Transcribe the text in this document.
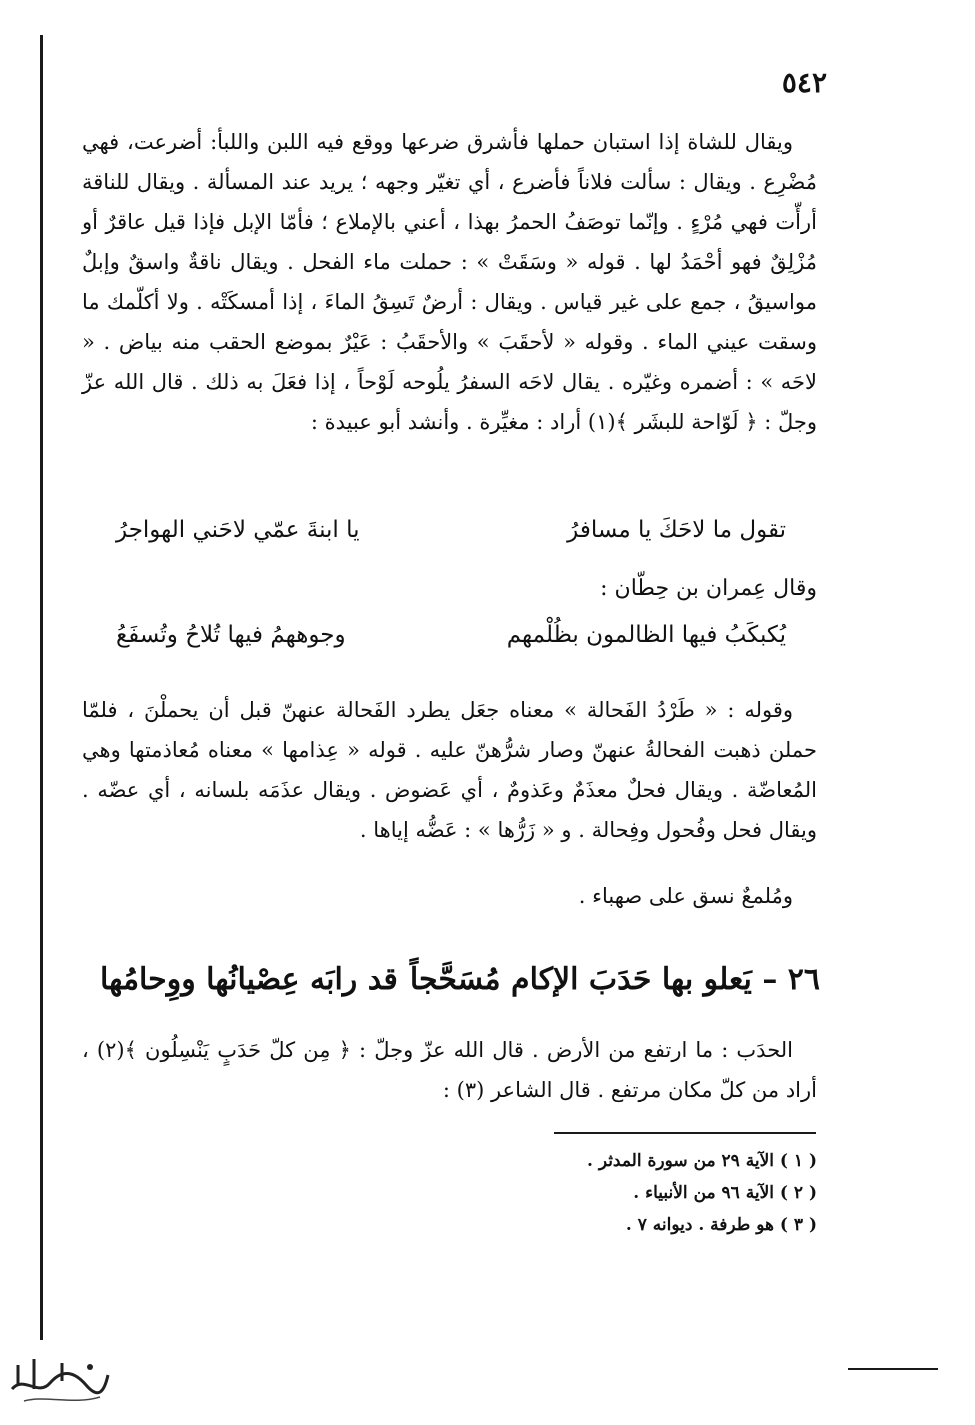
٥٤٢
ويقال للشاة إذا استبان حملها فأشرق ضرعها ووقع فيه اللبن واللبأ: أضرعت، فهي مُضْرِع . ويقال : سألت فلاناً فأضرع ، أي تغيّر وجهه ؛ يريد عند المسألة . ويقال للناقة أرأّت فهي مُرْءٍ . وإنّما توصَفُ الحمرُ بهذا ، أعني بالإملاع ؛ فأمّا الإبل فإذا قيل عاقرٌ أو مُزْلِقٌ فهو أحْمَدُ لها . قوله « وسَقَتْ » : حملت ماء الفحل . ويقال ناقةٌ واسقٌ وإبلٌ مواسيقُ ، جمع على غير قياس . ويقال : أرضٌ تَسِقُ الماءَ ، إذا أمسكَتْه . ولا أكلّمك ما وسقت عيني الماء . وقوله « لأحقَبَ » والأحقَبُ : عَيْرٌ بموضع الحقب منه بياض . « لاحَه » : أضمره وغيّره . يقال لاحَه السفرُ يلُوحه لَوْحاً ، إذا فعَلَ به ذلك . قال الله عزّ وجلّ : ﴿ لَوّاحة للبشَر ﴾(١) أراد : مغيِّرة . وأنشد أبو عبيدة :
تقول ما لاحَكَ يا مسافرُ
يا ابنةَ عمّي لاحَني الهواجرُ
وقال عِمران بن حِطّان :
يُكبكَبُ فيها الظالمون بظُلْمهم
وجوههمُ فيها تُلاحُ وتُسفَعُ
وقوله : « طَرْدُ الفَحالة » معناه جعَل يطرد الفَحالة عنهنّ قبل أن يحملْنَ ، فلمّا حملن ذهبت الفحالةُ عنهنّ وصار شرُّهنّ عليه . قوله « عِذامها » معناه مُعاذمتها وهي المُعاضّة . ويقال فحلٌ معذَمٌ وعَذومٌ ، أي عَضوض . ويقال عذَمَه بلسانه ، أي عضّه . ويقال فحل وفُحول وفِحالة . و « زَرُّها » : عَضُّه إياها .
ومُلمعٌ نسق على صهباء .
٢٦ – يَعلو بها حَدَبَ الإكام مُسَحَّجاً
قد رابَه عِصْيانُها ووِحامُها
الحدَب : ما ارتفع من الأرض . قال الله عزّ وجلّ : ﴿ مِن كلّ حَدَبٍ يَنْسِلُون ﴾(٢) ، أراد من كلّ مكان مرتفع . قال الشاعر (٣) :
( ١ ) الآية ٢٩ من سورة المدثر .
( ٢ ) الآية ٩٦ من الأنبياء .
( ٣ ) هو طرفة . ديوانه ٧ .
